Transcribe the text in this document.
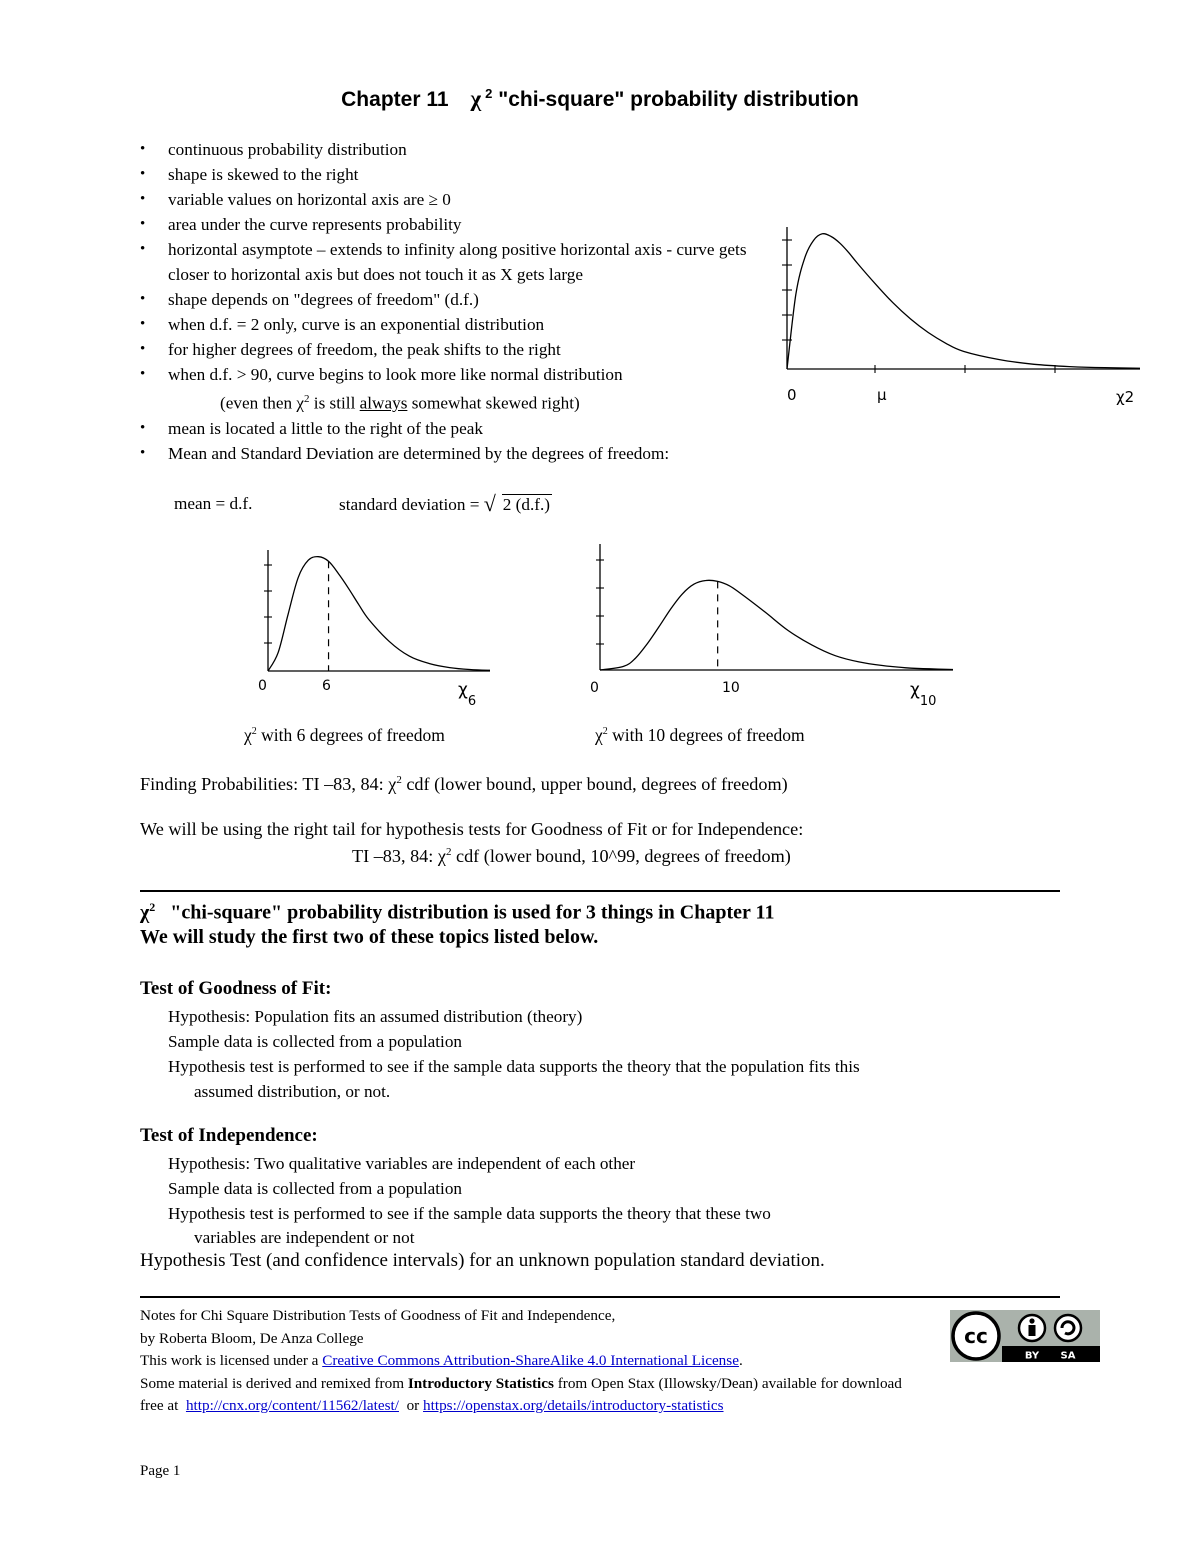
Chapter 11 χ $^2$ "chi-square" probability distribution
• continuous probability distribution
• shape is skewed to the right
• variable values on horizontal axis are ≥ 0
• area under the curve represents probability
• horizontal asymptote – extends to infinity along positive horizontal axis - curve gets closer to horizontal axis but does not touch it as X gets large
• shape depends on "degrees of freedom" (d.f.)
• when d.f. = 2 only, curve is an exponential distribution
• for higher degrees of freedom, the peak shifts to the right
• when d.f. > 90, curve begins to look more like normal distribution
(even then $\chi^2$ is still always somewhat skewed right)
• mean is located a little to the right of the peak
• Mean and Standard Deviation are determined by the degrees of freedom:
mean = d.f.	standard deviation = √ 2 (d.f.)
0	μ	χ2
0	6	$\chi_6$
0	10	$\chi_{10}$
$\chi^2$ with 6 degrees of freedom	$\chi^2$ with 10 degrees of freedom
Finding Probabilities: TI –83, 84: $\chi^2$ cdf (lower bound, upper bound, degrees of freedom)
We will be using the right tail for hypothesis tests for Goodness of Fit or for Independence:
TI –83, 84: $\chi^2$ cdf (lower bound, 10^99, degrees of freedom)
$\chi^2$   "chi-square" probability distribution is used for 3 things in Chapter 11
We will study the first two of these topics listed below.
Test of Goodness of Fit:
Hypothesis: Population fits an assumed distribution (theory)
Sample data is collected from a population
Hypothesis test is performed to see if the sample data supports the theory that the population fits this
assumed distribution, or not.
Test of Independence:
Hypothesis: Two qualitative variables are independent of each other
Sample data is collected from a population
Hypothesis test is performed to see if the sample data supports the theory that these two
variables are independent or not
Hypothesis Test (and confidence intervals) for an unknown population standard deviation.
Notes for Chi Square Distribution Tests of Goodness of Fit and Independence,
by Roberta Bloom, De Anza College
This work is licensed under a Creative Commons Attribution-ShareAlike 4.0 International License.
Some material is derived and remixed from Introductory Statistics from Open Stax (Illowsky/Dean) available for download
free at  http://cnx.org/content/11562/latest/  or https://openstax.org/details/introductory-statistics
cc
BY SA
Page 1
